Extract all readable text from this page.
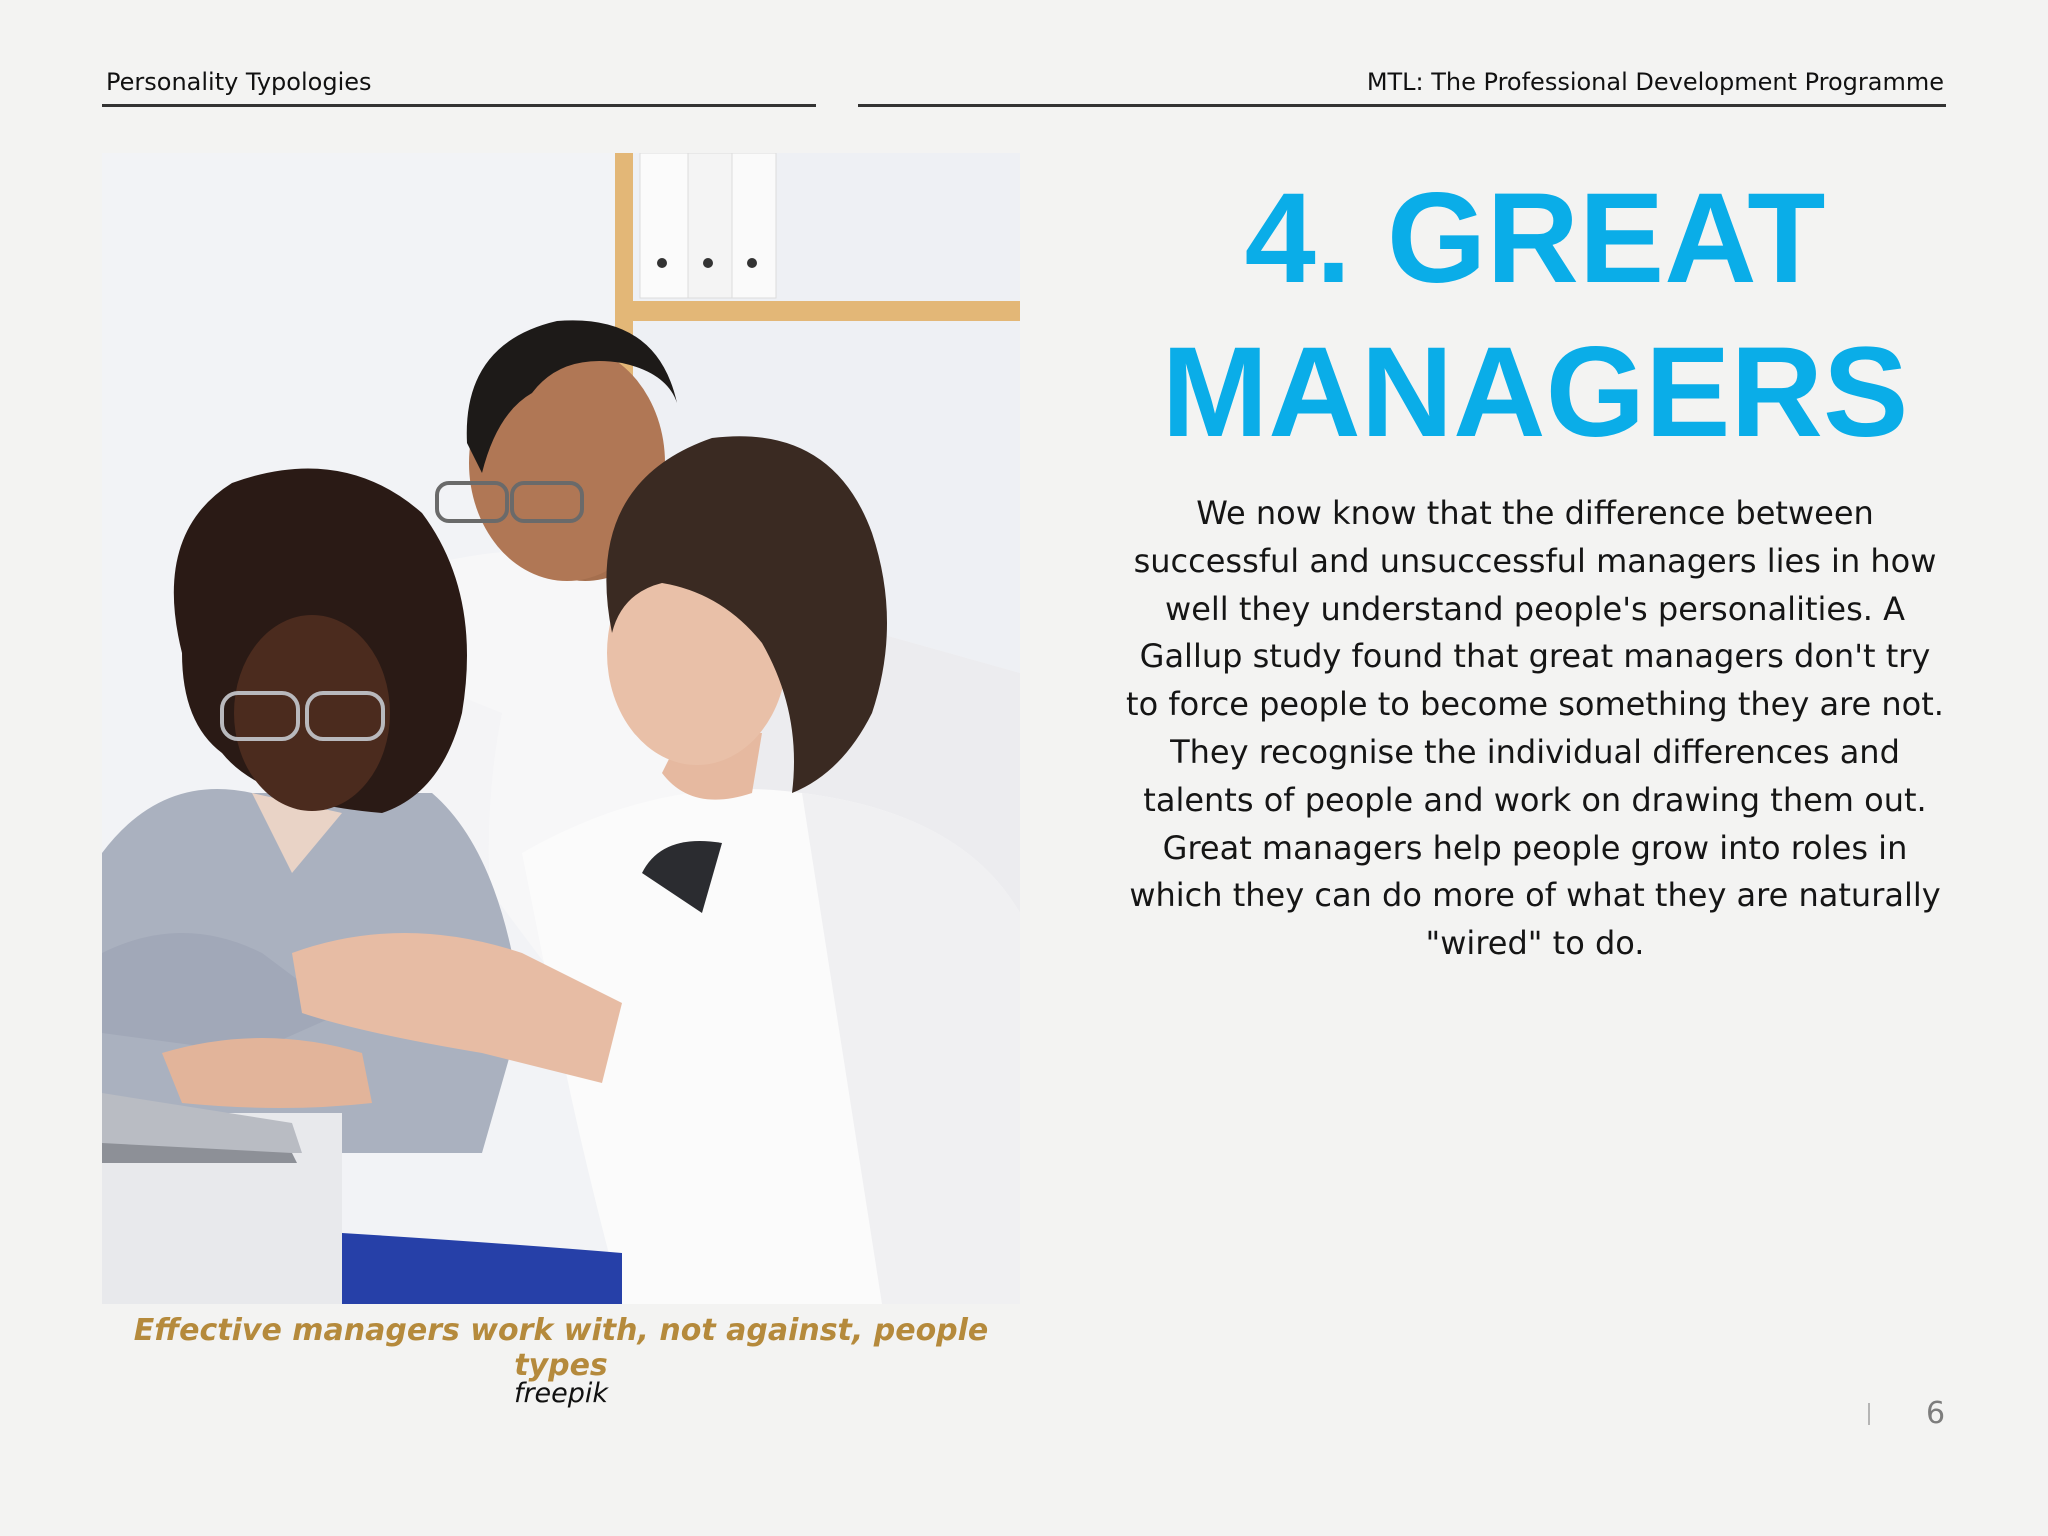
Personality Typologies	MTL: The Professional Development Programme
Effective managers work with, not against, people types
freepik
4. GREAT
MANAGERS

We now know that the difference between successful and unsuccessful managers lies in how well they understand people's personalities. A Gallup study found that great managers don't try to force people to become something they are not. They recognise the individual differences and talents of people and work on drawing them out. Great managers help people grow into roles in which they can do more of what they are naturally "wired" to do.

6
